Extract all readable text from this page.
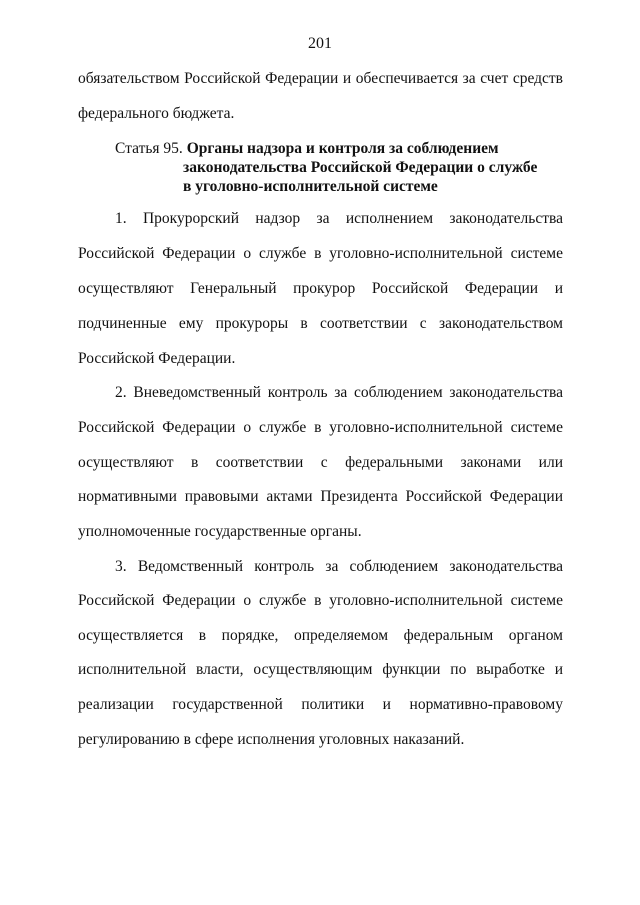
201
обязательством Российской Федерации и обеспечивается за счет средств
федерального бюджета.
Статья 95. Органы надзора и контроля за соблюдением
законодательства Российской Федерации о службе
в уголовно-исполнительной системе
1. Прокурорский надзор за исполнением законодательства
Российской Федерации о службе в уголовно-исполнительной системе
осуществляют Генеральный прокурор Российской Федерации и
подчиненные ему прокуроры в соответствии с законодательством
Российской Федерации.
2. Вневедомственный контроль за соблюдением законодательства
Российской Федерации о службе в уголовно-исполнительной системе
осуществляют в соответствии с федеральными законами или
нормативными правовыми актами Президента Российской Федерации
уполномоченные государственные органы.
3. Ведомственный контроль за соблюдением законодательства
Российской Федерации о службе в уголовно-исполнительной системе
осуществляется в порядке, определяемом федеральным органом
исполнительной власти, осуществляющим функции по выработке и
реализации государственной политики и нормативно-правовому
регулированию в сфере исполнения уголовных наказаний.
